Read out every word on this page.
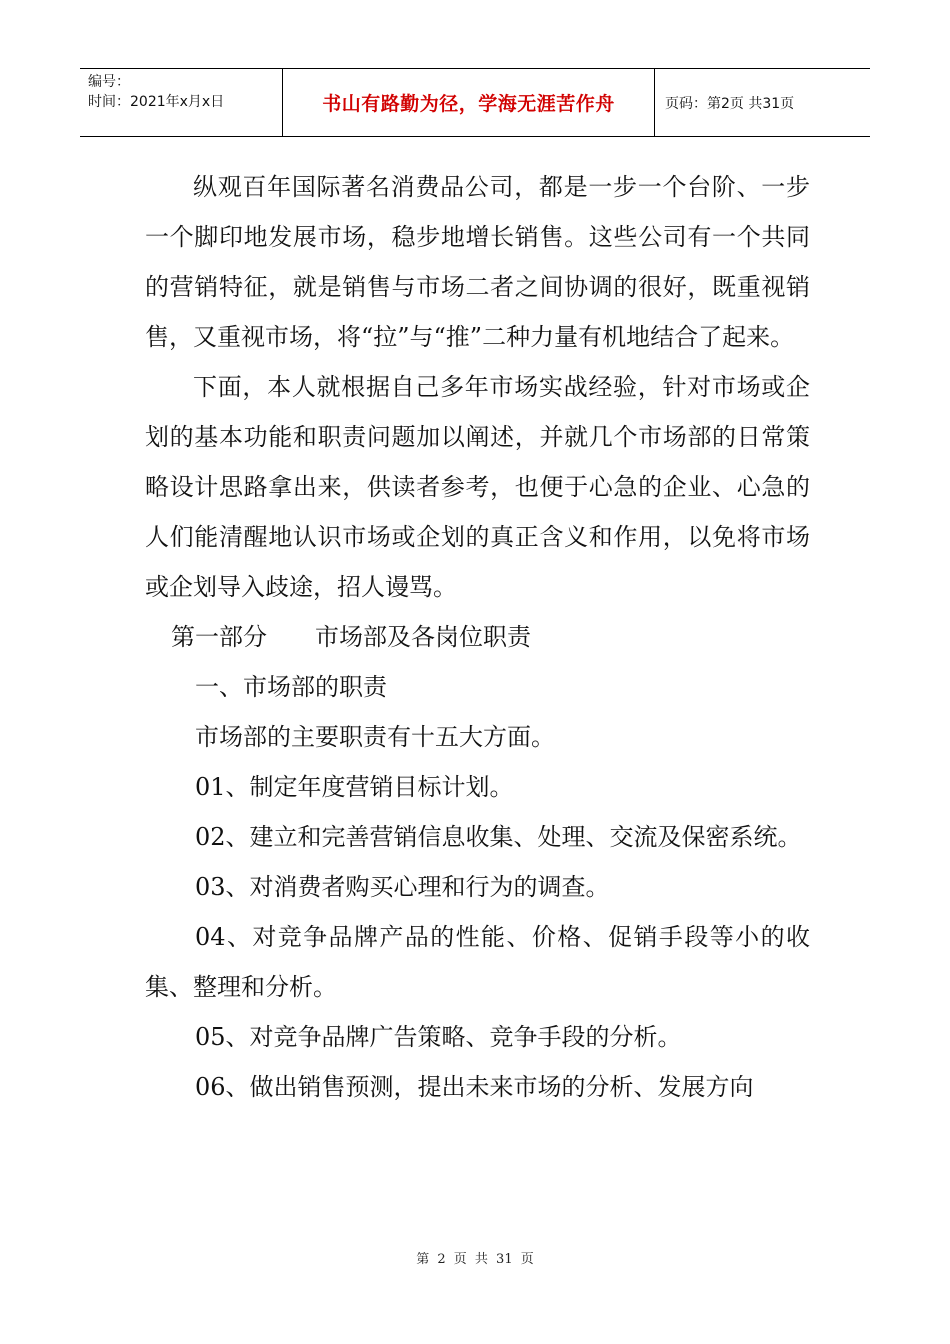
编号：
时间：2021年x月x日	书山有路勤为径，学海无涯苦作舟	页码：第2页 共31页

纵观百年国际著名消费品公司，都是一步一个台阶、一步一个脚印地发展市场，稳步地增长销售。这些公司有一个共同的营销特征，就是销售与市场二者之间协调的很好，既重视销售，又重视市场，将“拉”与“推”二种力量有机地结合了起来。

下面，本人就根据自己多年市场实战经验，针对市场或企划的基本功能和职责问题加以阐述，并就几个市场部的日常策略设计思路拿出来，供读者参考，也便于心急的企业、心急的人们能清醒地认识市场或企划的真正含义和作用，以免将市场或企划导入歧途，招人谩骂。

第一部分　　市场部及各岗位职责

一、市场部的职责

市场部的主要职责有十五大方面。

01、制定年度营销目标计划。

02、建立和完善营销信息收集、处理、交流及保密系统。

03、对消费者购买心理和行为的调查。

04、对竞争品牌产品的性能、价格、促销手段等小的收集、整理和分析。

05、对竞争品牌广告策略、竞争手段的分析。

06、做出销售预测，提出未来市场的分析、发展方向

第 2 页 共 31 页
